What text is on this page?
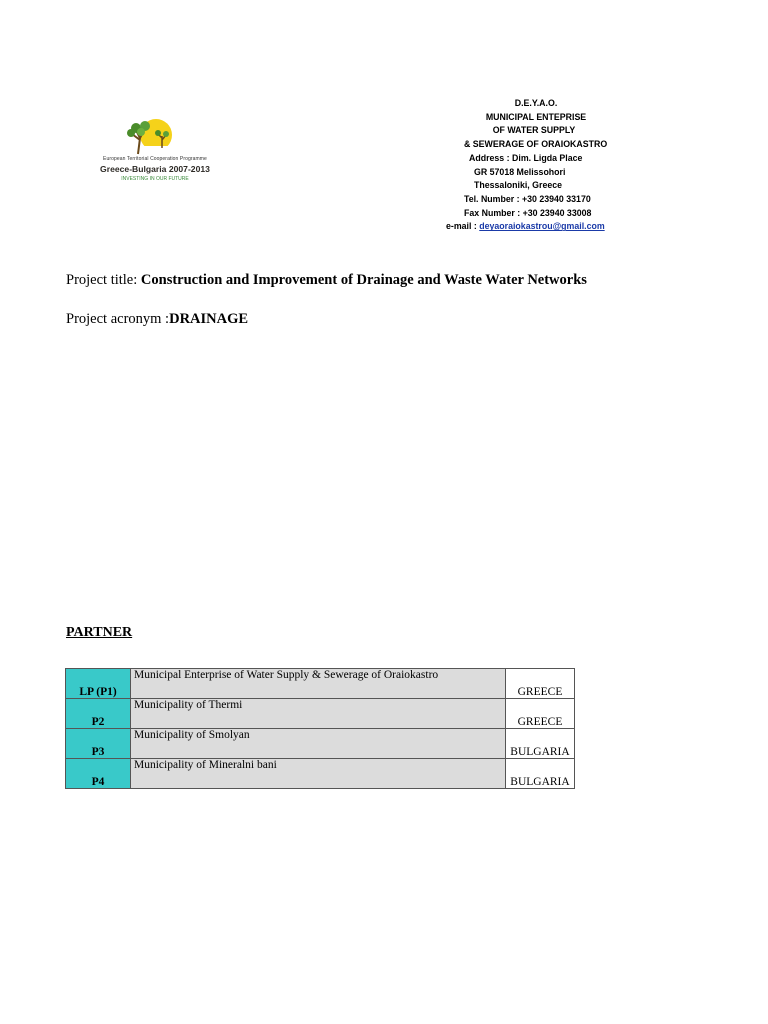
European Territorial Cooperation Programme
Greece-Bulgaria 2007-2013
INVESTING IN OUR FUTURE
D.E.Y.A.O.
MUNICIPAL ENTEPRISE
OF WATER SUPPLY
& SEWERAGE OF ORAIOKASTRO
Address : Dim. Ligda Place
GR 57018 Melissohori
Thessaloniki, Greece
Tel. Number : +30 23940 33170
Fax Number : +30 23940 33008
e-mail : deyaoraiokastrou@gmail.com
Project title: Construction and Improvement of Drainage and Waste Water Networks
Project acronym :DRAINAGE
PARTNER
LP (P1)	Municipal Enterprise of Water Supply & Sewerage of Oraiokastro	GREECE
P2	Municipality of Thermi	GREECE
P3	Municipality of Smolyan	BULGARIA
P4	Municipality of Mineralni bani	BULGARIA
